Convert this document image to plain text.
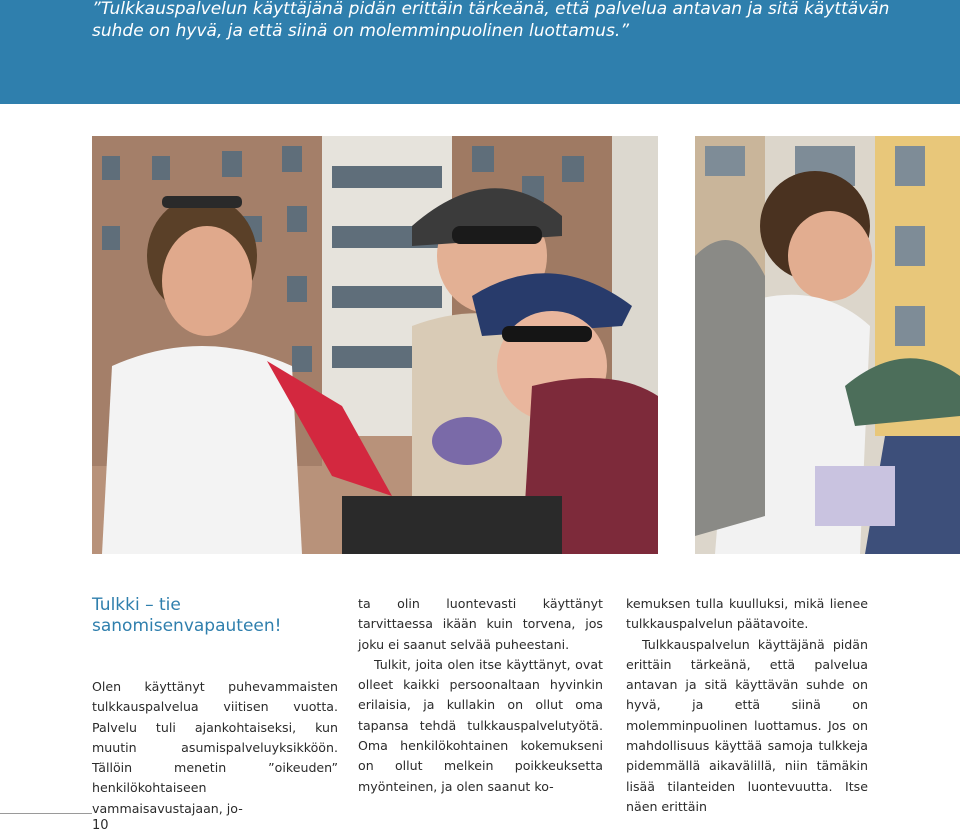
”Tulkkauspalvelun käyttäjänä pidän erittäin tärkeänä, että palvelua antavan ja sitä käyttävän suhde on hyvä, ja että siinä on molemminpuolinen luottamus.”

Tulkki – tie sanomisenvapauteen!

Olen käyttänyt puhevammaisten tulkkauspalvelua viitisen vuotta. Palvelu tuli ajankohtaiseksi, kun muutin asumispalveluyksikköön. Tällöin menetin ”oikeuden” henkilökohtaiseen vammaisavustajaan, jo-

ta olin luontevasti käyttänyt tarvittaessa ikään kuin torvena, jos joku ei saanut selvää puheestani.

Tulkit, joita olen itse käyttänyt, ovat olleet kaikki persoonaltaan hyvinkin erilaisia, ja kullakin on ollut oma tapansa tehdä tulkkauspalvelutyötä. Oma henkilökohtainen kokemukseni on ollut melkein poikkeuksetta myönteinen, ja olen saanut ko-

kemuksen tulla kuulluksi, mikä lienee tulkkauspalvelun päätavoite.

Tulkkauspalvelun käyttäjänä pidän erittäin tärkeänä, että palvelua antavan ja sitä käyttävän suhde on hyvä, ja että siinä on molemminpuolinen luottamus. Jos on mahdollisuus käyttää samoja tulkkeja pidemmällä aikavälillä, niin tämäkin lisää tilanteiden luontevuutta. Itse näen erittäin

10
